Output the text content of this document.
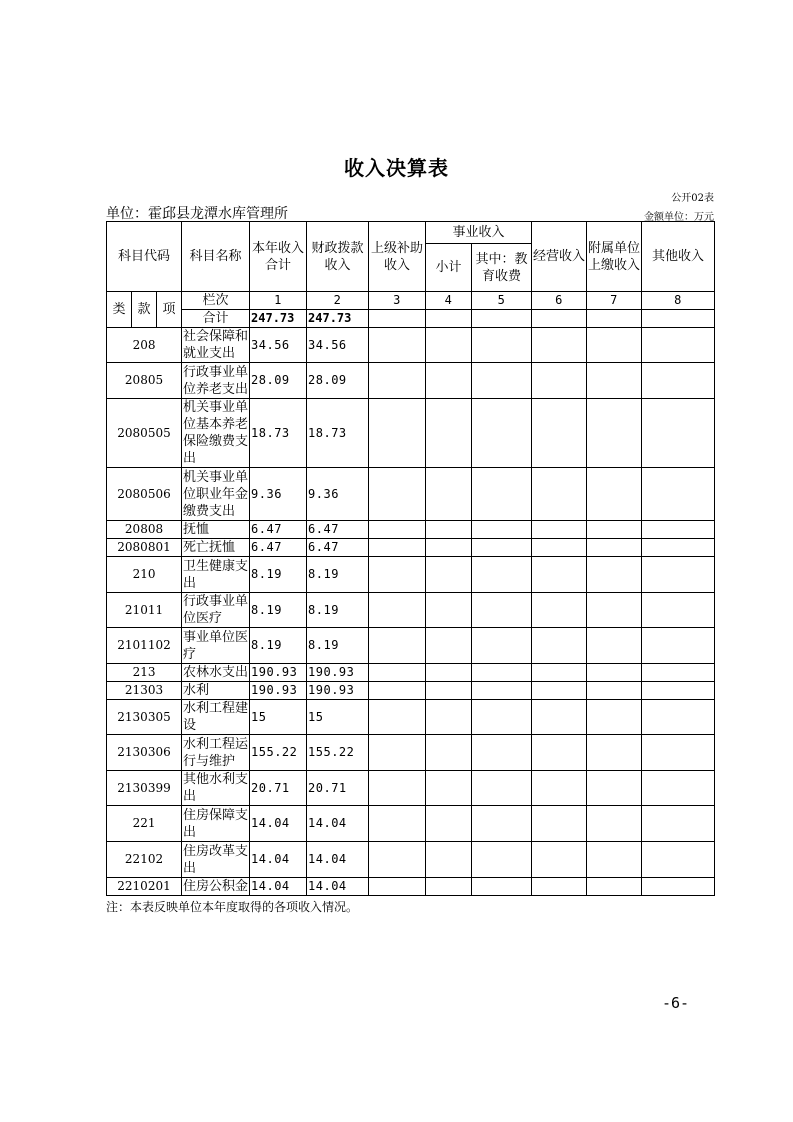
收入决算表
公开02表
单位：霍邱县龙潭水库管理所	金额单位：万元
科目代码			科目名称	本年收入合计	财政拨款收入	上级补助收入	事业收入		经营收入	附属单位上缴收入	其他收入
							小计	其中：教育收费			
类	款	项	栏次	1	2	3	4	5	6	7	8
			合计	247.73	247.73						
208			社会保障和就业支出	34.56	34.56						
20805			行政事业单位养老支出	28.09	28.09						
2080505			机关事业单位基本养老保险缴费支出	18.73	18.73						
2080506			机关事业单位职业年金缴费支出	9.36	9.36						
20808			抚恤	6.47	6.47						
2080801			死亡抚恤	6.47	6.47						
210			卫生健康支出	8.19	8.19						
21011			行政事业单位医疗	8.19	8.19						
2101102			事业单位医疗	8.19	8.19						
213			农林水支出	190.93	190.93						
21303			水利	190.93	190.93						
2130305			水利工程建设	15	15						
2130306			水利工程运行与维护	155.22	155.22						
2130399			其他水利支出	20.71	20.71						
221			住房保障支出	14.04	14.04						
22102			住房改革支出	14.04	14.04						
2210201			住房公积金	14.04	14.04						
注：本表反映单位本年度取得的各项收入情况。
-6-
